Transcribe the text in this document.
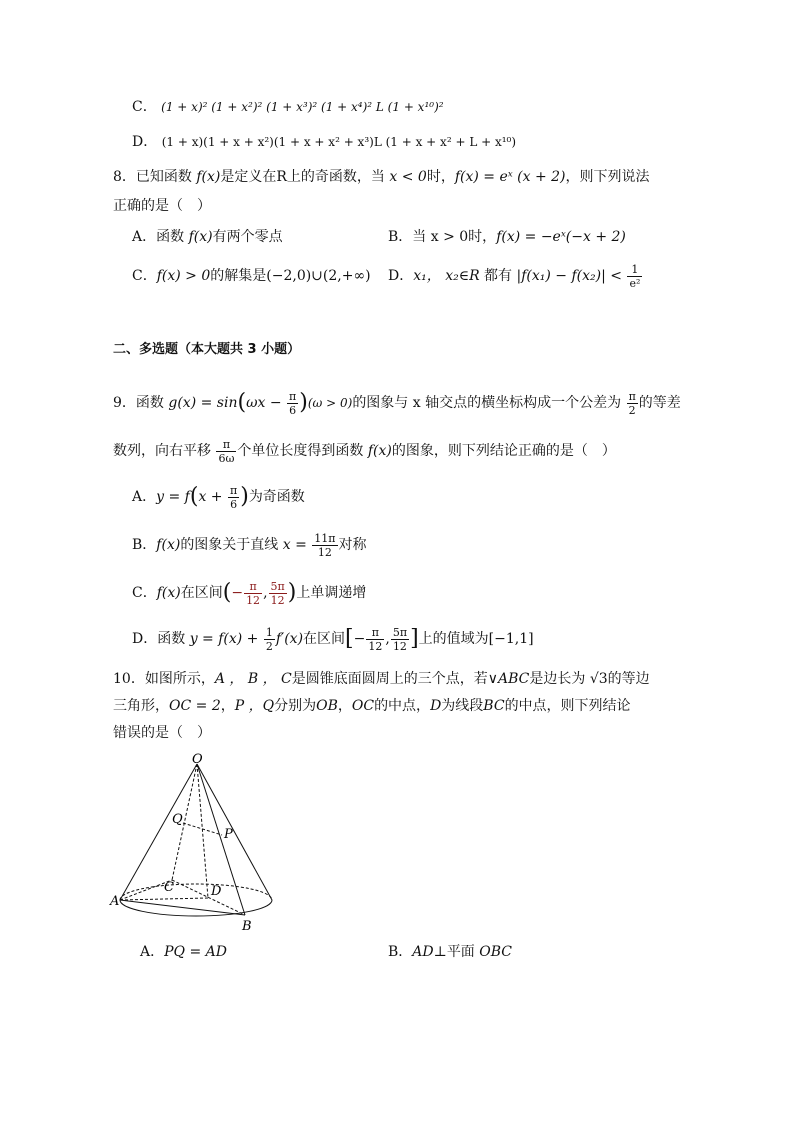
C． (1 + x)² (1 + x²)² (1 + x³)² (1 + x⁴)² L (1 + x¹⁰)²
D． (1 + x)(1 + x + x²)(1 + x + x² + x³)L (1 + x + x² + L + x¹⁰)
8．已知函数 f(x)是定义在R上的奇函数，当 x < 0时，f(x) = eˣ (x + 2)，则下列说法
正确的是（　）
A．函数 f(x)有两个零点	B．当 x > 0时，f(x) = −eˣ(−x + 2)
C．f(x) > 0的解集是(−2,0)∪(2,+∞) D．x₁， x₂∈R 都有 $|f(x_1) - f(x_2)| < \frac{1}{\text{e²}}$
二、多选题（本大题共 3 小题）
9．函数 $g(x) = \sin(\omega x - \frac{\pi}{6} )(\omega > 0)$的图象与 x 轴交点的横坐标构成一个公差为 $\frac{\pi}{2}$ 的等差
数列，向右平移 $\frac{\pi}{6\omega}$ 个单位长度得到函数 f(x)的图象，则下列结论正确的是（　）
A．$y = f(x + \frac{\pi}{6}$ )为奇函数
B．f(x)的图象关于直线 $x = \frac{11\pi}{12}$ 对称
C．f(x)在区间(− $\frac{\pi}{12}$ , $\frac{5\pi}{12}$ )上单调递增
D．函数 $y = f(x) + \frac{1}{2} f'(x)$在区间[− $\frac{\pi}{12}$ , $\frac{5\pi}{12}$ ]上的值域为[−1,1]
10．如图所示，A ， B ， C是圆锥底面圆周上的三个点，若∨ABC是边长为 √3的等边
三角形，OC = 2，P ，Q分别为OB，OC的中点，D为线段BC的中点，则下列结论
错误的是（　）
O
Q
P
C	D
A
B
A．PQ = AD	B．AD⊥平面 OBC
